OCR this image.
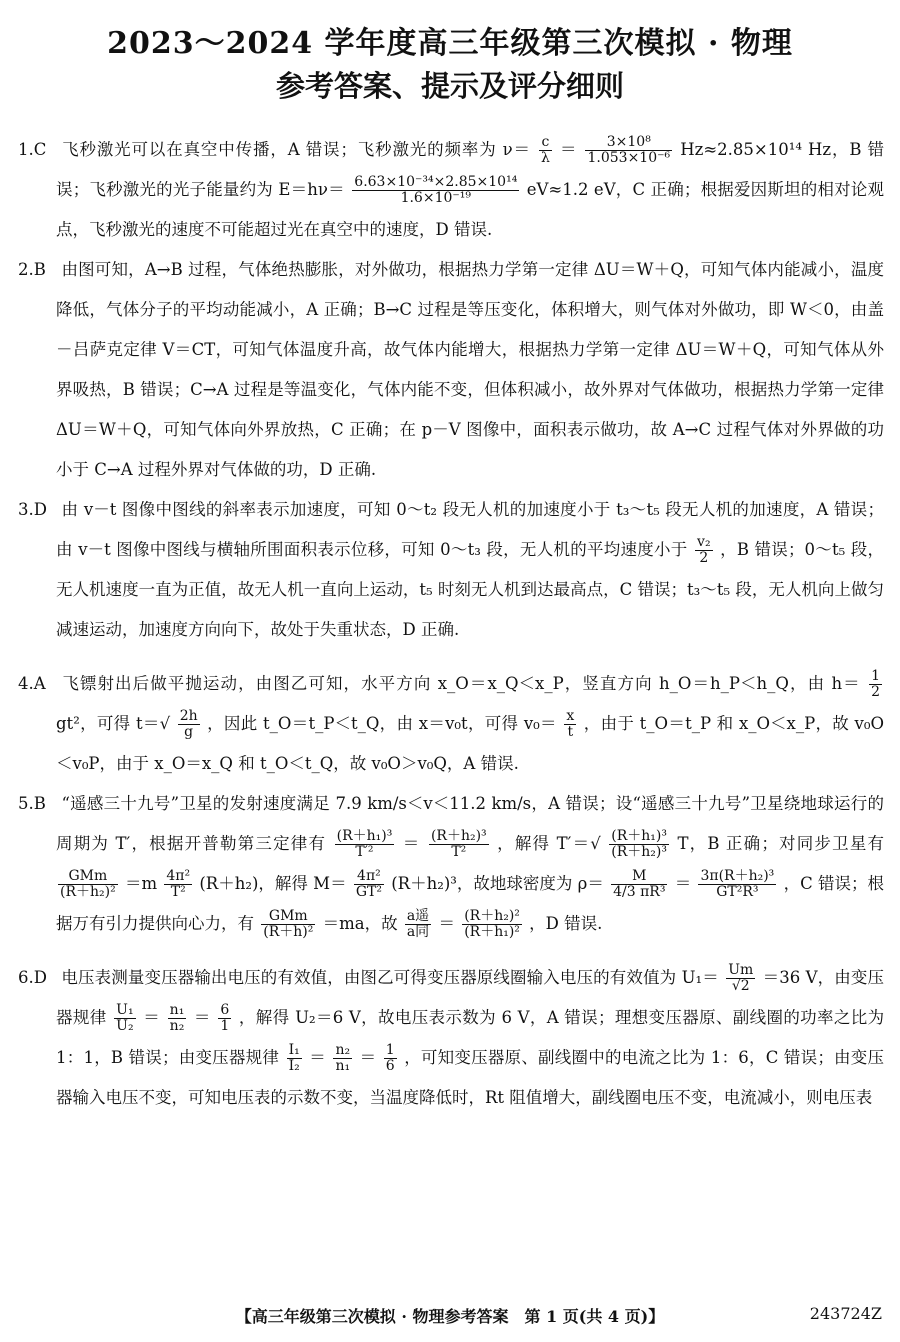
2023～2024 学年度高三年级第三次模拟 · 物理
参考答案、提示及评分细则

1.C 飞秒激光可以在真空中传播，A 错误；飞秒激光的频率为 $\nu= \frac{c}{\lambda} = \frac{\text{3×10⁸}}{\text{1.053×10⁻⁶}} Hz\approx 2.85\times 10^{14}$ Hz，B 错误；飞秒激光的光子能量约为 $E=h\nu= \frac{\text{6.63×10⁻³⁴×2.85×10¹⁴}}{\text{1.6×10⁻¹⁹}} eV\approx 1.2$ eV，C 正确；根据爱因斯坦的相对论观点，飞秒激光的速度不可能超过光在真空中的速度，D 错误.

2.B 由图可知，A→B 过程，气体绝热膨胀，对外做功，根据热力学第一定律 ΔU＝W＋Q，可知气体内能减小，温度降低，气体分子的平均动能减小，A 正确；B→C 过程是等压变化，体积增大，则气体对外做功，即 W＜0，由盖－吕萨克定律 V＝CT，可知气体温度升高，故气体内能增大，根据热力学第一定律 ΔU＝W＋Q，可知气体从外界吸热，B 错误；C→A 过程是等温变化，气体内能不变，但体积减小，故外界对气体做功，根据热力学第一定律 ΔU＝W＋Q，可知气体向外界放热，C 正确；在 p－V 图像中，面积表示做功，故 A→C 过程气体对外界做的功小于 C→A 过程外界对气体做的功，D 正确.

3.D 由 v－t 图像中图线的斜率表示加速度，可知 0～t₂ 段无人机的加速度小于 t₃～t₅ 段无人机的加速度，A 错误；由 v－t 图像中图线与横轴所围面积表示位移，可知 0～t₃ 段，无人机的平均速度小于 $\frac{\text{v₂}}{2}$ ，B 错误；0～t₅ 段，无人机速度一直为正值，故无人机一直向上运动，t₅ 时刻无人机到达最高点，C 错误；t₃～t₅ 段，无人机向上做匀减速运动，加速度方向向下，故处于失重状态，D 正确.

4.A 飞镖射出后做平抛运动，由图乙可知，水平方向 x_O＝x_Q＜x_P，竖直方向 h_O＝h_P＜h_Q，由 $h= \frac{1}{2}$
gt²，可得 $t=√ \frac{2h}{g}$ ，因此 t_O＝t_P＜t_Q，由 x＝v₀t，可得 $v_0= \frac{x}{t}$ ，由于 t_O＝t_P 和 x_O＜x_P，故 v₀O＜v₀P，由于 x_O＝x_Q 和 t_O＜t_Q，故 v₀O＞v₀Q，A 错误.

5.B “遥感三十九号”卫星的发射速度满足 7.9 km/s＜v＜11.2 km/s，A 错误；设“遥感三十九号”卫星绕地球运行的周期为 T′，根据开普勒第三定律有 $\frac{\text{(R＋h₁)³}}{\text{T′²}} = \frac{\text{(R＋h₂)³}}{\text{T²}}$ ，解得 $T'=√ \frac{\text{(R＋h₁)³}}{\text{(R＋h₂)³}}$ T，B 正确；对同步卫星有
$\frac{\text{GMm}}{\text{(R＋h₂)²}} =m \frac{\text{4π²}}{\text{T²}} (R+h_2)$，解得 $M= \frac{\text{4π²}}{\text{GT²}} (R+h_2)^3$，故地球密度为 $\rho= \frac{M}{\text{4/3 πR³}} = \frac{\text{3π(R＋h₂)³}}{\text{GT²R³}}$ ，C 错误；根据万有引力提供向心力，有 $\frac{\text{GMm}}{\text{(R＋h)²}} =ma$，故 $\frac{\text{a遥}}{\text{a同}} = \frac{\text{(R＋h₂)²}}{\text{(R＋h₁)²}}$ ，D 错误.

6.D 电压表测量变压器输出电压的有效值，由图乙可得变压器原线圈输入电压的有效值为 $U_1= \frac{Um}{√2} =36$ V，由变压器规律 $\frac{\text{U₁}}{\text{U₂}} = \frac{\text{n₁}}{\text{n₂}} = \frac{6}{1}$ ，解得 U₂＝6 V，故电压表示数为 6 V，A 错误；理想变压器原、副线圈的功率之比为 1：1，B 错误；由变压器规律 $\frac{\text{I₁}}{\text{I₂}} = \frac{\text{n₂}}{\text{n₁}} = \frac{1}{6}$ ，可知变压器原、副线圈中的电流之比为 1：6，C 错误；由变压器输入电压不变，可知电压表的示数不变，当温度降低时，Rt 阻值增大，副线圈电压不变，电流减小，则电压表

【高三年级第三次模拟 · 物理参考答案　第 1 页(共 4 页)】	243724Z
